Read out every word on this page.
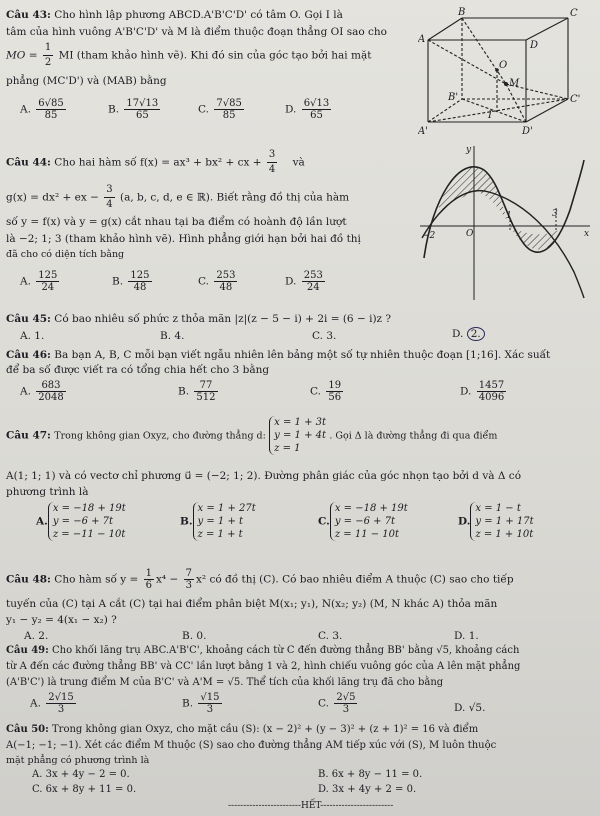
Câu 43: Cho hình lập phương ABCD.A'B'C'D' có tâm O. Gọi I là
tâm của hình vuông A'B'C'D' và M là điểm thuộc đoạn thẳng OI sao cho
MO = $\frac{1}{2}$ MI (tham khảo hình vẽ). Khi đó sin của góc tạo bởi hai mặt
phẳng (MC'D') và (MAB) bằng
A. $\frac{6√85}{85}$	B. $\frac{17√13}{65}$	C. $\frac{7√85}{85}$	D. $\frac{6√13}{65}$
B	C
A
D
B'	C'
A'	D'
O
M
I
Câu 44: Cho hai hàm số f(x) = ax³ + bx² + cx + $\frac{3}{4}$ và
g(x) = dx² + ex − $\frac{3}{4} (a$, b, c, d, e ∈ ℝ). Biết rằng đồ thị của hàm
số y = f(x) và y = g(x) cắt nhau tại ba điểm có hoành độ lần lượt
là −2; 1; 3 (tham khảo hình vẽ). Hình phẳng giới hạn bởi hai đồ thị
đã cho có diện tích bằng
A. $\frac{125}{24}$	B. $\frac{125}{48}$	C. $\frac{253}{48}$	D. $\frac{253}{24}$
y
x
O
−2
1	3
Câu 45: Có bao nhiêu số phức z thỏa mãn |z|(z − 5 − i) + 2i = (6 − i)z ?
A. 1.	B. 4.	C. 3.	D. 2.
Câu 46: Ba bạn A, B, C mỗi bạn viết ngẫu nhiên lên bảng một số tự nhiên thuộc đoạn [1;16]. Xác suất
để ba số được viết ra có tổng chia hết cho 3 bằng
A. $\frac{683}{2048}$	B. $\frac{77}{512}$	C. $\frac{19}{56}$	D. $\frac{1457}{4096}$
Câu 47: Trong không gian Oxyz, cho đường thẳng d: x = 1 + 3t
y = 1 + 4t
z = 1 . Gọi Δ là đường thẳng đi qua điểm
A(1; 1; 1) và có vectơ chỉ phương u⃗ = (−2; 1; 2). Đường phân giác của góc nhọn tạo bởi d và Δ có
phương trình là
A.x = −18 + 19t
y = −6 + 7t
z = −11 − 10t
B.x = 1 + 27t
y = 1 + t
z = 1 + t
C.x = −18 + 19t
y = −6 + 7t
z = 11 − 10t
D.x = 1 − t
y = 1 + 17t
z = 1 + 10t
Câu 48: Cho hàm số $y = \frac{1}{6} x^4 - \frac{7}{3} x^2$ có đồ thị (C). Có bao nhiêu điểm A thuộc (C) sao cho tiếp
tuyến của (C) tại A cắt (C) tại hai điểm phân biệt M(x₁; y₁), N(x₂; y₂) (M, N khác A) thỏa mãn
y₁ − y₂ = 4(x₁ − x₂) ?
A. 2.	B. 0.	C. 3.	D. 1.
Câu 49: Cho khối lăng trụ ABC.A'B'C', khoảng cách từ C đến đường thẳng BB' bằng √5, khoảng cách
từ A đến các đường thẳng BB' và CC' lần lượt bằng 1 và 2, hình chiếu vuông góc của A lên mặt phẳng
(A'B'C') là trung điểm M của B'C' và A'M = √5. Thể tích của khối lăng trụ đã cho bằng
A. $\frac{2√15}{3}$	B. $\frac{√15}{3}$	C. $\frac{2√5}{3}$	D. √5.
Câu 50: Trong không gian Oxyz, cho mặt cầu (S): (x − 2)² + (y − 3)² + (z + 1)² = 16 và điểm
A(−1; −1; −1). Xét các điểm M thuộc (S) sao cho đường thẳng AM tiếp xúc với (S), M luôn thuộc
mặt phẳng có phương trình là
A. 3x + 4y − 2 = 0.	B. 6x + 8y − 11 = 0.
C. 6x + 8y + 11 = 0.	D. 3x + 4y + 2 = 0.
------------------------HẾT------------------------
